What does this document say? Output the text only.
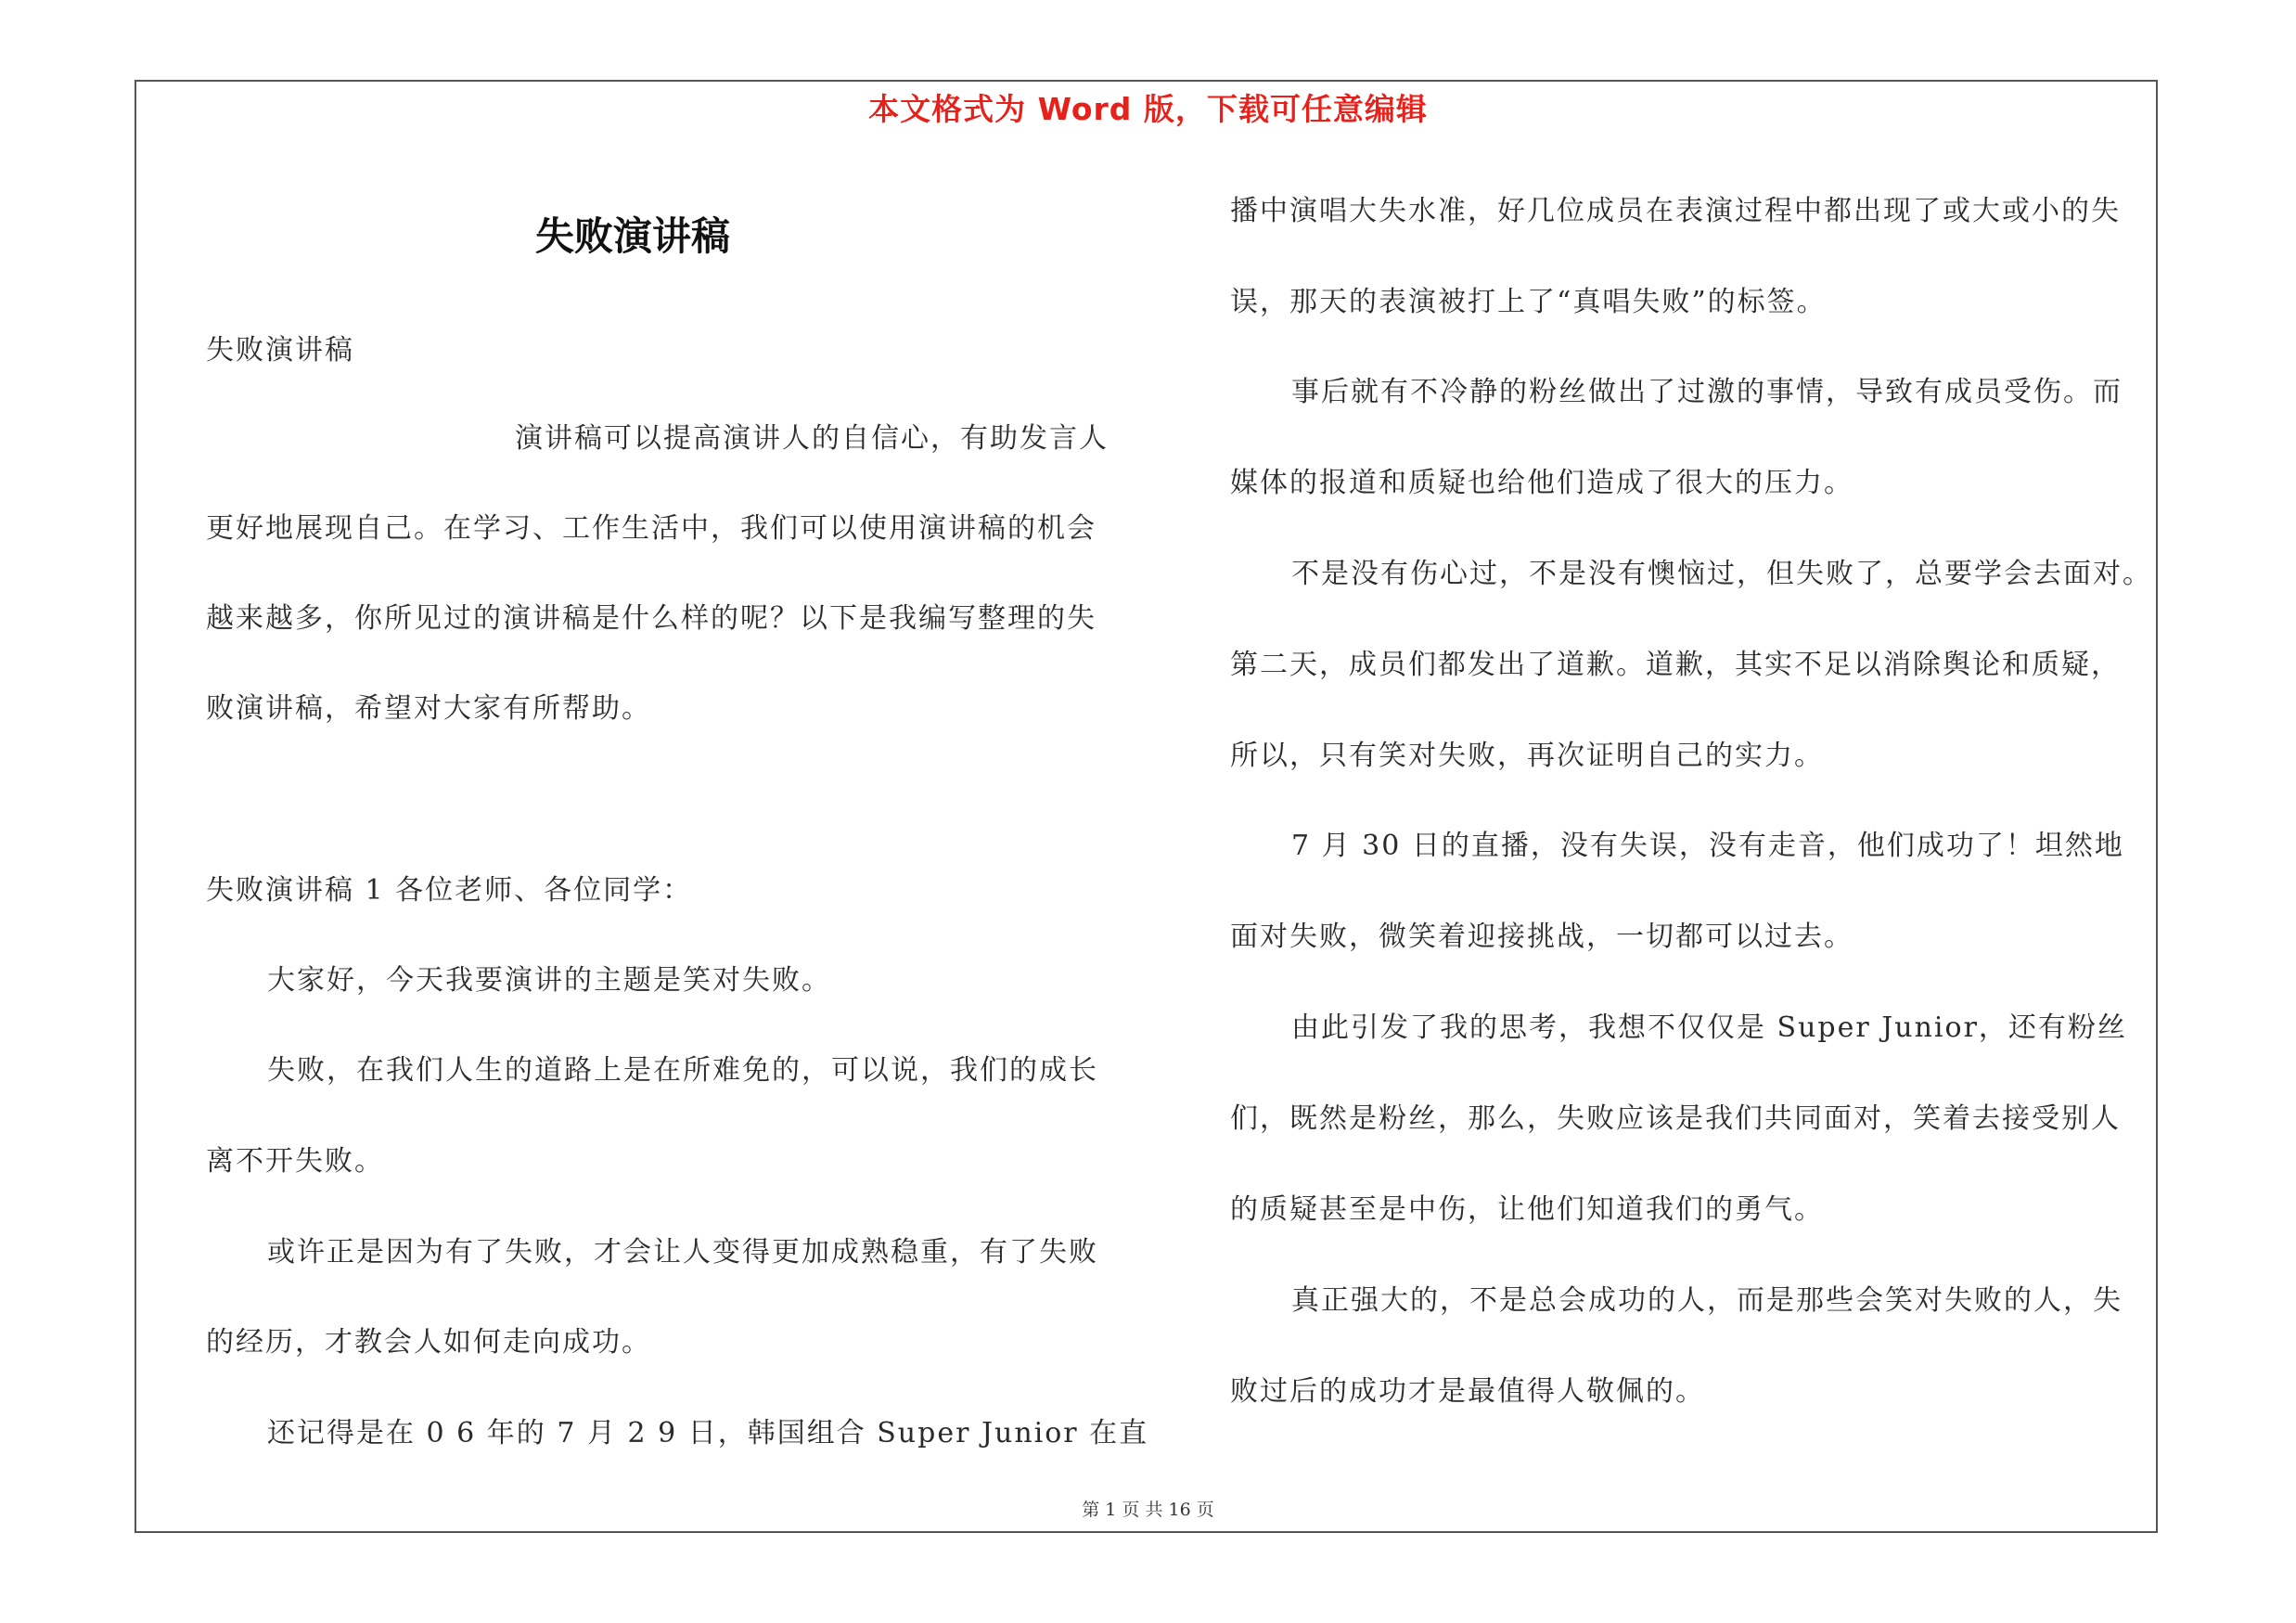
本文格式为 Word 版，下载可任意编辑
失败演讲稿
失败演讲稿
演讲稿可以提高演讲人的自信心，有助发言人
更好地展现自己。在学习、工作生活中，我们可以使用演讲稿的机会
越来越多，你所见过的演讲稿是什么样的呢？以下是我编写整理的失
败演讲稿，希望对大家有所帮助。
失败演讲稿 1 各位老师、各位同学：
大家好，今天我要演讲的主题是笑对失败。
失败，在我们人生的道路上是在所难免的，可以说，我们的成长
离不开失败。
或许正是因为有了失败，才会让人变得更加成熟稳重，有了失败
的经历，才教会人如何走向成功。
还记得是在 0 6 年的 7 月 2 9 日，韩国组合 Super Junior 在直
播中演唱大失水准，好几位成员在表演过程中都出现了或大或小的失
误，那天的表演被打上了“真唱失败”的标签。
事后就有不冷静的粉丝做出了过激的事情，导致有成员受伤。而
媒体的报道和质疑也给他们造成了很大的压力。
不是没有伤心过，不是没有懊恼过，但失败了，总要学会去面对。
第二天，成员们都发出了道歉。道歉，其实不足以消除舆论和质疑，
所以，只有笑对失败，再次证明自己的实力。
7 月 30 日的直播，没有失误，没有走音，他们成功了！坦然地
面对失败，微笑着迎接挑战，一切都可以过去。
由此引发了我的思考，我想不仅仅是 Super Junior，还有粉丝
们，既然是粉丝，那么，失败应该是我们共同面对，笑着去接受别人
的质疑甚至是中伤，让他们知道我们的勇气。
真正强大的，不是总会成功的人，而是那些会笑对失败的人，失
败过后的成功才是最值得人敬佩的。
第 1 页 共 16 页
